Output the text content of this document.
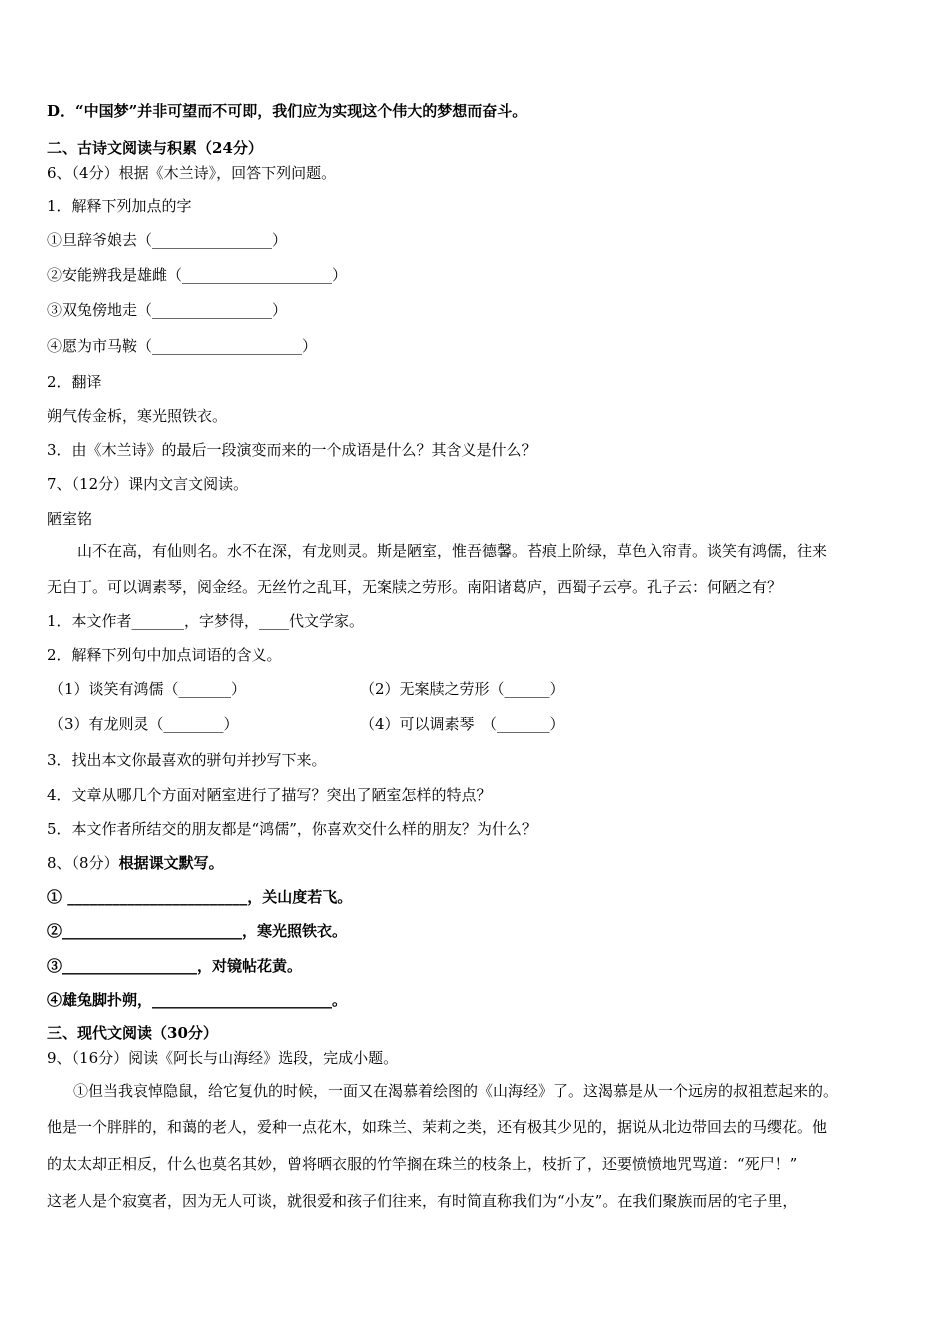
D．“中国梦”并非可望而不可即，我们应为实现这个伟大的梦想而奋斗。
二、古诗文阅读与积累（24分）
6、（4分）根据《木兰诗》，回答下列问题。
1．解释下列加点的字
①旦辞爷娘去（________________）
②安能辨我是雄雌（____________________）
③双兔傍地走（________________）
④愿为市马鞍（____________________）
2．翻译
朔气传金柝，寒光照铁衣。
3．由《木兰诗》的最后一段演变而来的一个成语是什么？其含义是什么？
7、（12分）课内文言文阅读。
陋室铭
山不在高，有仙则名。水不在深，有龙则灵。斯是陋室，惟吾德馨。苔痕上阶绿，草色入帘青。谈笑有鸿儒，往来
无白丁。可以调素琴，阅金经。无丝竹之乱耳，无案牍之劳形。南阳诸葛庐，西蜀子云亭。孔子云：何陋之有？
1．本文作者_______，字梦得，____代文学家。
2．解释下列句中加点词语的含义。
（1）谈笑有鸿儒（_______）	（2）无案牍之劳形（______）
（3）有龙则灵（________）	（4）可以调素琴　（_______）
3．找出本文你最喜欢的骈句并抄写下来。
4．文章从哪几个方面对陋室进行了描写？突出了陋室怎样的特点？
5．本文作者所结交的朋友都是“鸿儒”，你喜欢交什么样的朋友？为什么？
8、（8分）根据课文默写。
① ________________________，关山度若飞。
②________________________，寒光照铁衣。
③__________________，对镜帖花黄。
④雄兔脚扑朔，________________________。
三、现代文阅读（30分）
9、（16分）阅读《阿长与山海经》选段，完成小题。
①但当我哀悼隐鼠，给它复仇的时候，一面又在渴慕着绘图的《山海经》了。这渴慕是从一个远房的叔祖惹起来的。
他是一个胖胖的，和蔼的老人，爱种一点花木，如珠兰、茉莉之类，还有极其少见的，据说从北边带回去的马缨花。他
的太太却正相反，什么也莫名其妙，曾将晒衣服的竹竿搁在珠兰的枝条上，枝折了，还要愤愤地咒骂道：“死尸！”
这老人是个寂寞者，因为无人可谈，就很爱和孩子们往来，有时简直称我们为“小友”。在我们聚族而居的宅子里，
